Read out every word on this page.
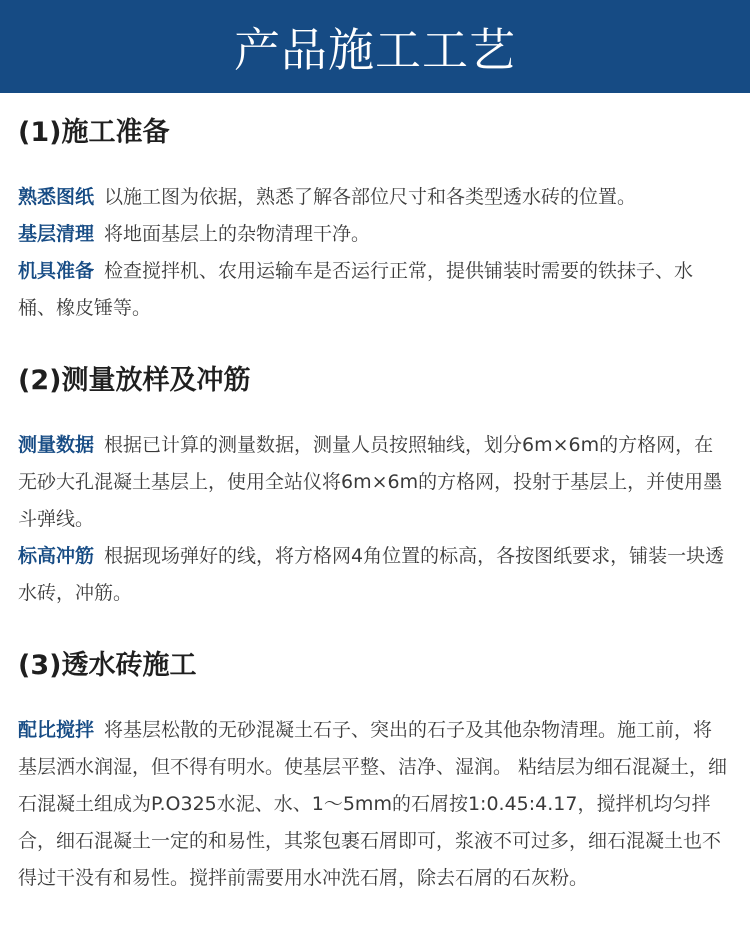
产品施工工艺
(1)施工准备

熟悉图纸 以施工图为依据，熟悉了解各部位尺寸和各类型透水砖的位置。

基层清理 将地面基层上的杂物清理干净。

机具准备 检查搅拌机、农用运输车是否运行正常，提供铺装时需要的铁抹子、水桶、橡皮锤等。

(2)测量放样及冲筋

测量数据 根据已计算的测量数据，测量人员按照轴线，划分6m×6m的方格网，在无砂大孔混凝土基层上，使用全站仪将6m×6m的方格网，投射于基层上，并使用墨斗弹线。

标高冲筋 根据现场弹好的线，将方格网4角位置的标高，各按图纸要求，铺装一块透水砖，冲筋。

(3)透水砖施工

配比搅拌 将基层松散的无砂混凝土石子、突出的石子及其他杂物清理。施工前，将基层洒水润湿，但不得有明水。使基层平整、洁净、湿润。 粘结层为细石混凝土，细石混凝土组成为P.O325水泥、水、1～5mm的石屑按1:0.45:4.17，搅拌机均匀拌合，细石混凝土一定的和易性，其浆包裹石屑即可，浆液不可过多，细石混凝土也不得过干没有和易性。搅拌前需要用水冲洗石屑，除去石屑的石灰粉。
